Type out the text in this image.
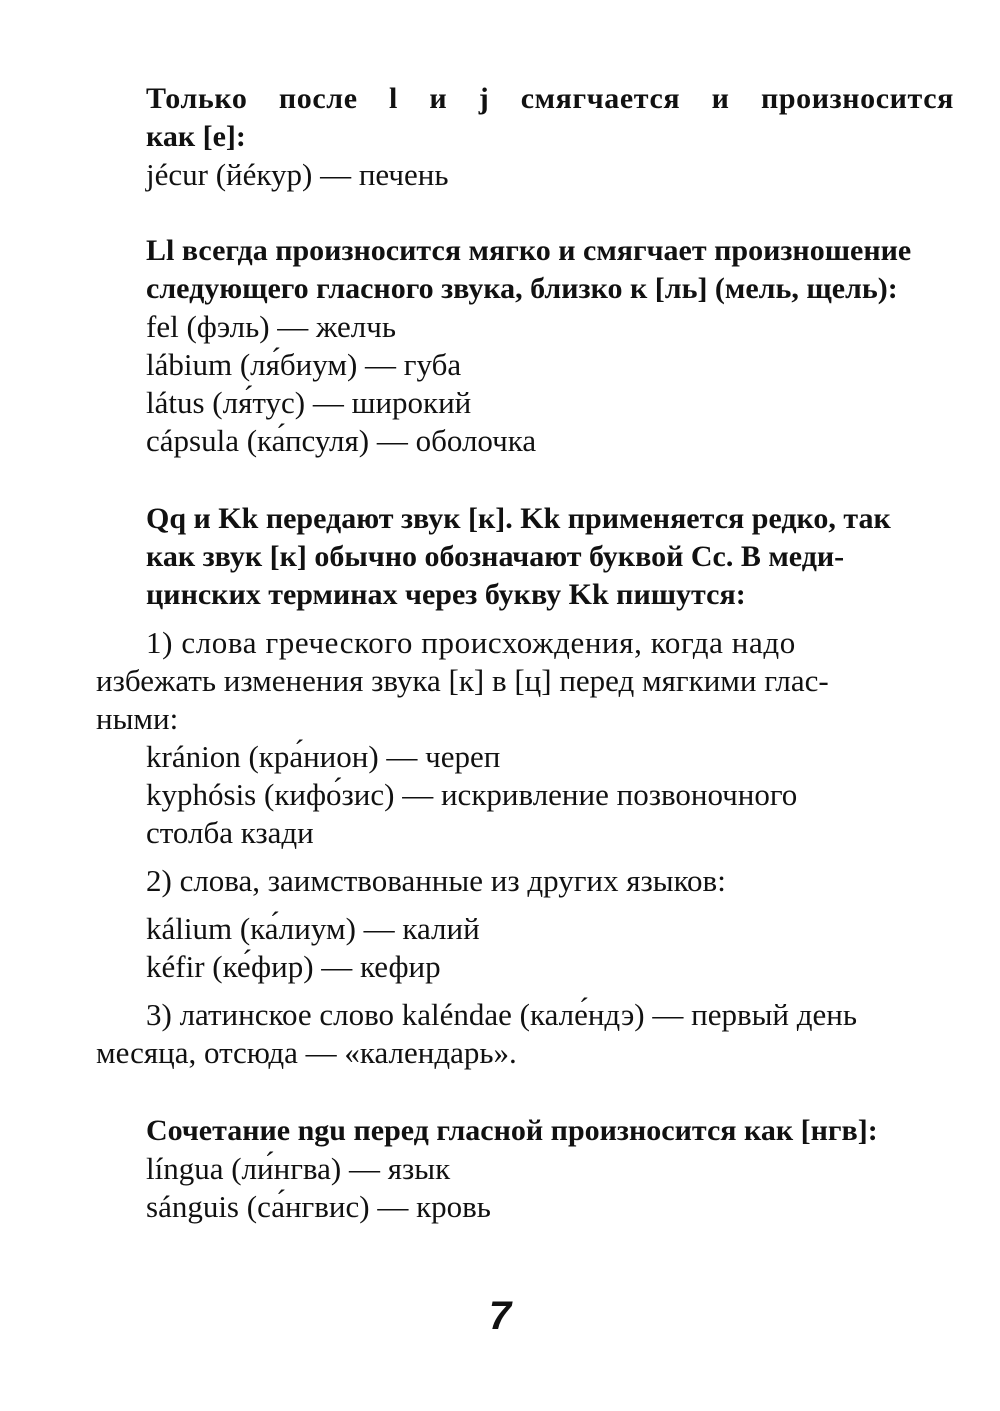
Только после l и j смягчается и произносится
как [е]:
jécur (йéкур) — печень
Ll всегда произносится мягко и смягчает произношение
следующего гласного звука, близко к [ль] (мель, щель):
fel (фэль) — желчь
lábium (ля́биум) — губа
látus (ля́тус) — широкий
cápsula (ка́псуля) — оболочка
Qq и Kk передают звук [к]. Kk применяется редко, так
как звук [к] обычно обозначают буквой Cc. В меди-
цинских терминах через букву Kk пишутся:
1) слова греческого происхождения, когда надо
избежать изменения звука [к] в [ц] перед мягкими глас-
ными:
kránion (кра́нион) — череп
kyphósis (кифо́зис) — искривление позвоночного
столба кзади
2) слова, заимствованные из других языков:
kálium (ка́лиум) — калий
kéfir (ке́фир) — кефир
3) латинское слово kaléndae (кале́ндэ) — первый день
месяца, отсюда — «календарь».
Сочетание ngu перед гласной произносится как [нгв]:
língua (ли́нгва) — язык
sánguis (са́нгвис) — кровь
7
